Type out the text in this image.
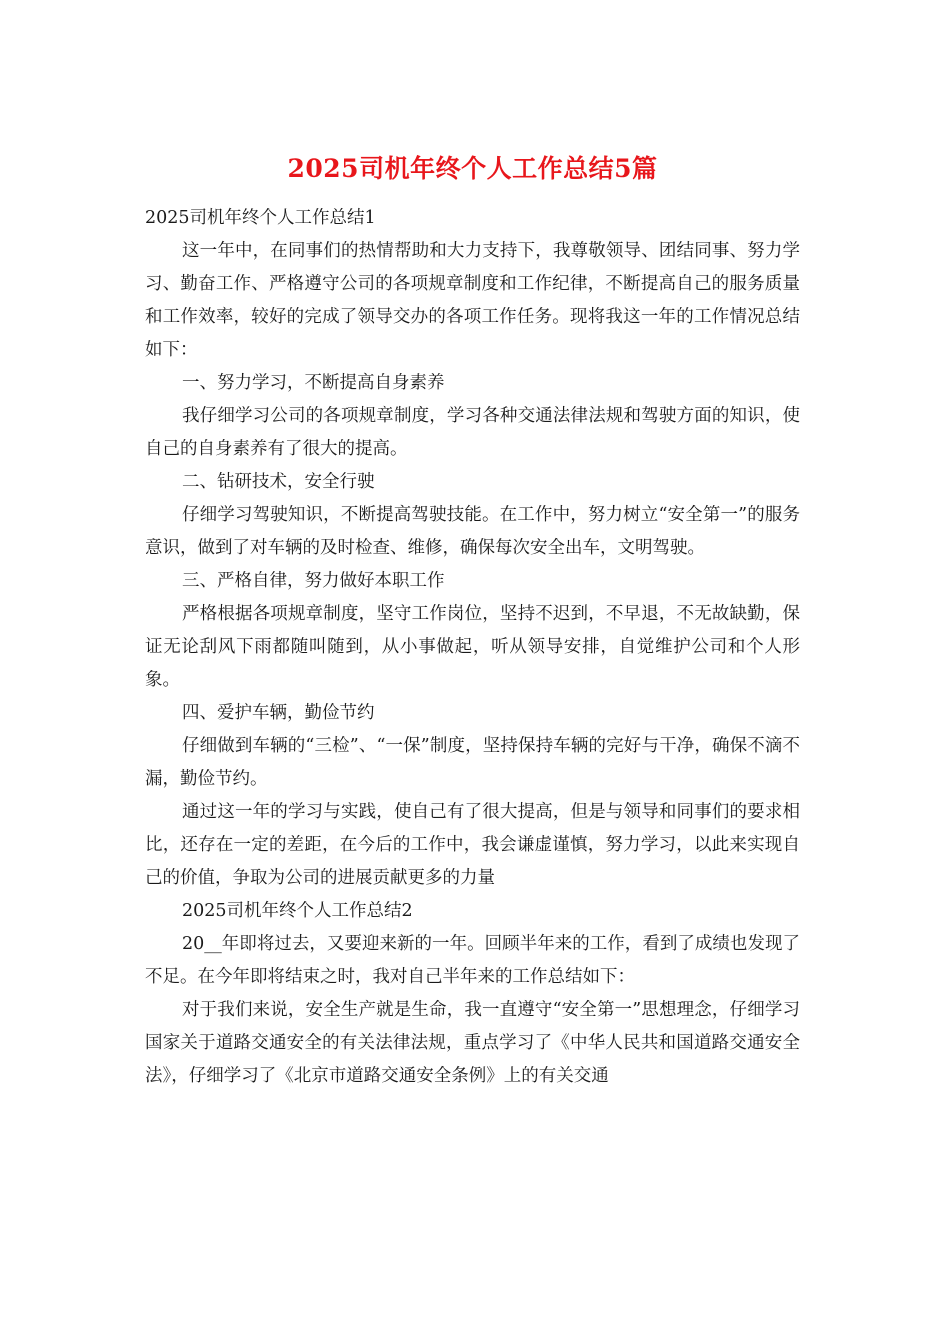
2025司机年终个人工作总结5篇

2025司机年终个人工作总结1

这一年中，在同事们的热情帮助和大力支持下，我尊敬领导、团结同事、努力学习、勤奋工作、严格遵守公司的各项规章制度和工作纪律，不断提高自己的服务质量和工作效率，较好的完成了领导交办的各项工作任务。现将我这一年的工作情况总结如下：

一、努力学习，不断提高自身素养

我仔细学习公司的各项规章制度，学习各种交通法律法规和驾驶方面的知识，使自己的自身素养有了很大的提高。

二、钻研技术，安全行驶

仔细学习驾驶知识，不断提高驾驶技能。在工作中，努力树立“安全第一”的服务意识，做到了对车辆的及时检查、维修，确保每次安全出车，文明驾驶。

三、严格自律，努力做好本职工作

严格根据各项规章制度，坚守工作岗位，坚持不迟到，不早退，不无故缺勤，保证无论刮风下雨都随叫随到，从小事做起，听从领导安排，自觉维护公司和个人形象。

四、爱护车辆，勤俭节约

仔细做到车辆的“三检”、“一保”制度，坚持保持车辆的完好与干净，确保不滴不漏，勤俭节约。

通过这一年的学习与实践，使自己有了很大提高，但是与领导和同事们的要求相比，还存在一定的差距，在今后的工作中，我会谦虚谨慎，努力学习，以此来实现自己的价值，争取为公司的进展贡献更多的力量

2025司机年终个人工作总结2

20__年即将过去，又要迎来新的一年。回顾半年来的工作，看到了成绩也发现了不足。在今年即将结束之时，我对自己半年来的工作总结如下：

对于我们来说，安全生产就是生命，我一直遵守“安全第一”思想理念，仔细学习国家关于道路交通安全的有关法律法规，重点学习了《中华人民共和国道路交通安全法》，仔细学习了《北京市道路交通安全条例》上的有关交通
